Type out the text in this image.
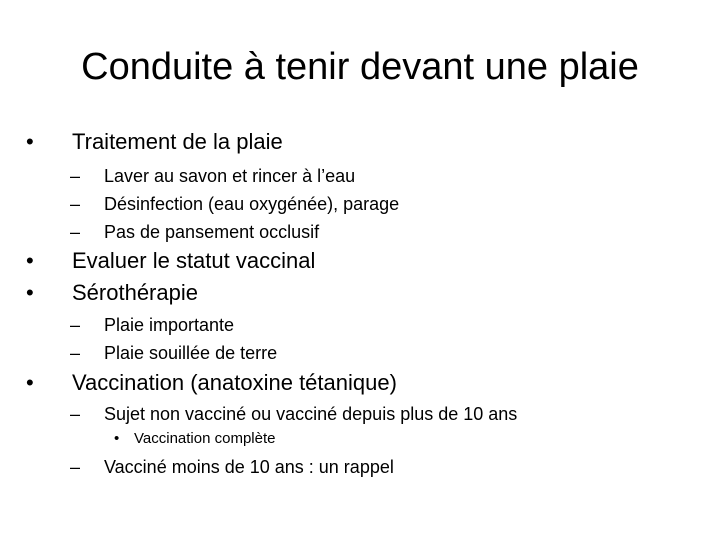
Conduite à tenir devant une plaie
• Traitement de la plaie
– Laver au savon et rincer à l’eau
– Désinfection (eau oxygénée), parage
– Pas de pansement occlusif
• Evaluer le statut vaccinal
• Sérothérapie
– Plaie importante
– Plaie souillée de terre
• Vaccination (anatoxine tétanique)
– Sujet non vacciné ou vacciné depuis plus de 10 ans
• Vaccination complète
– Vacciné moins de 10 ans : un rappel
